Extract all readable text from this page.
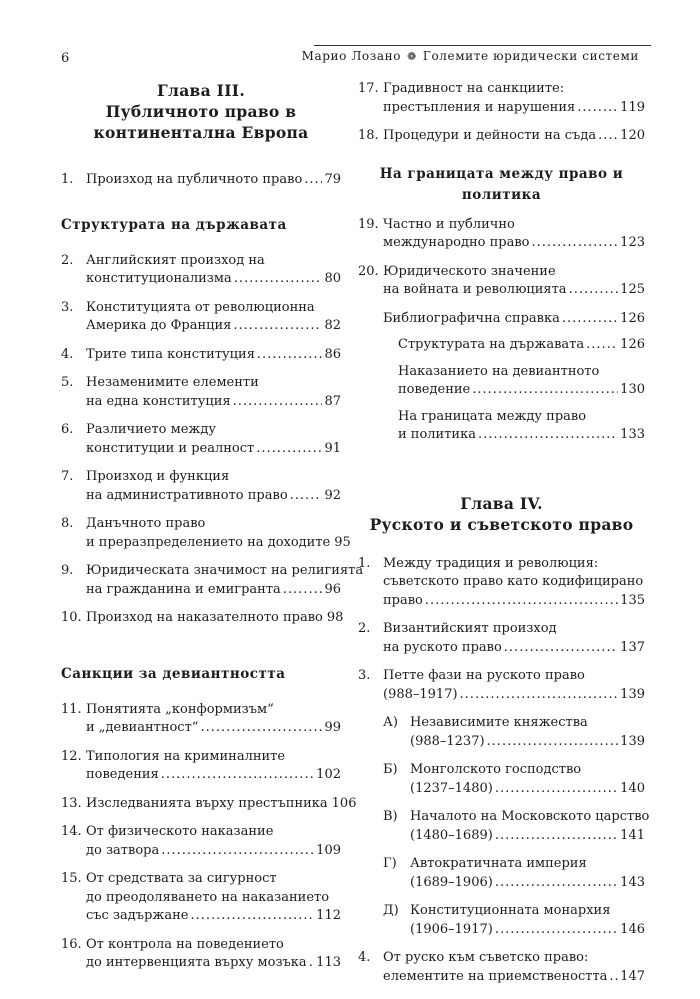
6	Марио Лозано ❁ Големите юридически системи
Глава III.
Публичното право в
континентална Европа
1. Произход на публичното право ..... 79
Структурата на държавата
2. Английският произход на
конституционализма .....	80
3. Конституцията от революционна
Америка до Франция .....	82
4. Трите типа конституция .....	86
5. Незаменимите елементи
на една конституция .....	87
6. Различието между
конституции и реалност .....	91
7. Произход и функция
на административното право .....	92
8. Данъчното право
и преразпределението на доходите 95
9. Юридическата значимост на религията
на гражданина и емигранта .....	96
10. Произход на наказателното право 98
Санкции за девиантността
11. Понятията „конформизъм“
и „девиантност“ .....	99
12. Типология на криминалните
поведения .....	102
13. Изследванията върху престъпника 106
14. От физическото наказание
до затвора .....	109
15. От средствата за сигурност
до преодоляването на наказанието
със задържане .....	112
16. От контрола на поведението
до интервенцията върху мозъка ..... 113
17. Градивност на санкциите:
престъпления и нарушения .....	119
18. Процедури и дейности на съда ..... 120
На границата между право и
политика
19. Частно и публично
международно право .....	123
20. Юридическото значение
на войната и революцията .....	125
Библиографична справка .....	126
Структурата на държавата .....	126
Наказанието на девиантното
поведение .....	130
На границата между право
и политика .....	133
Глава IV.
Руското и съветското право
1. Между традиция и революция:
съветското право като кодифицирано
право .....	135
2. Византийският произход
на руското право .....	137
3. Петте фази на руското право
(988–1917) .....	139
А) Независимите княжества
(988–1237) .....	139
Б) Монголското господство
(1237–1480) .....	140
В) Началото на Московското царство
(1480–1689) .....	141
Г)	Автократичната империя
(1689–1906) .....	143
Д) Конституционната монархия
(1906–1917) .....	146
4. От руско към съветско право:
елементите на приемствеността ..... 147
